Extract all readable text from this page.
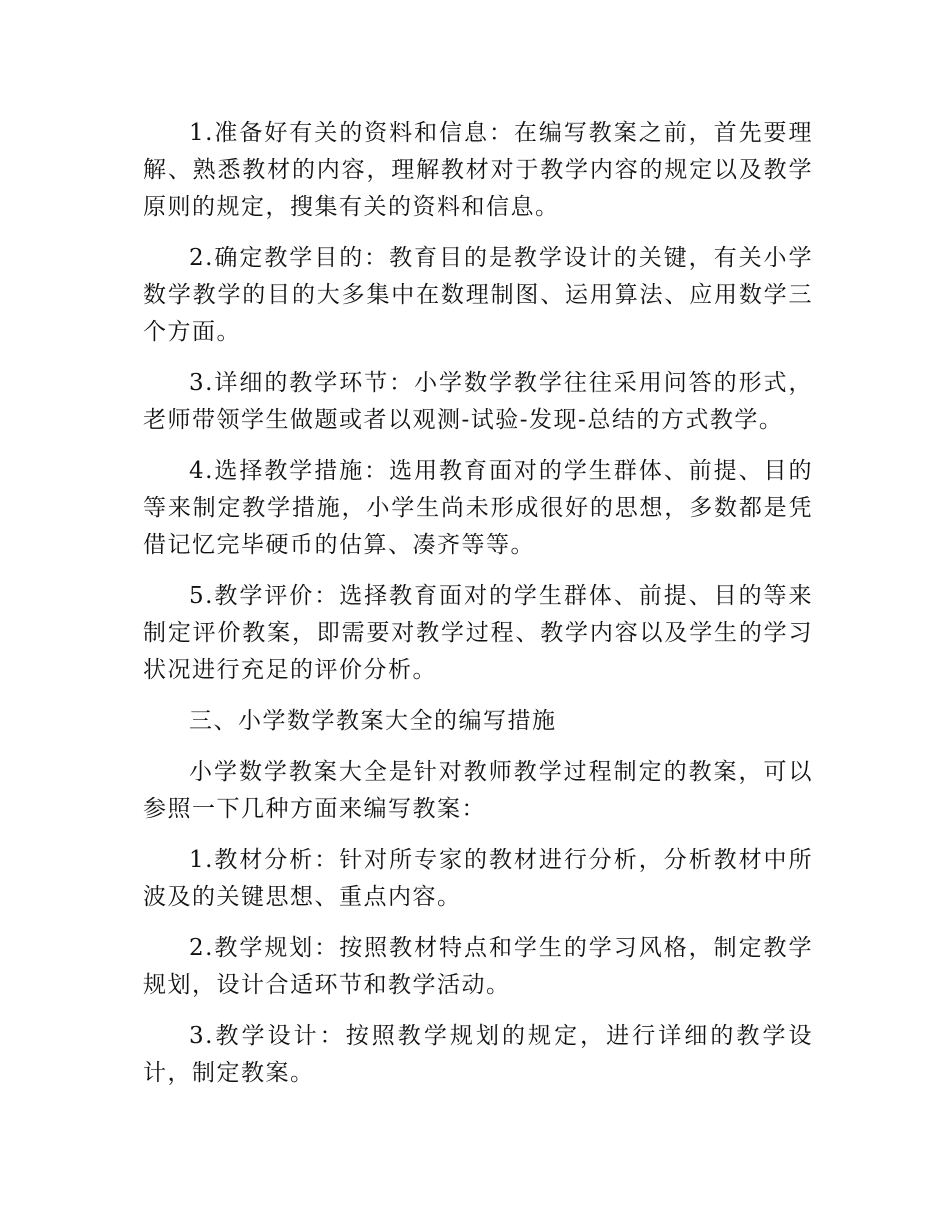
1.准备好有关的资料和信息：在编写教案之前，首先要理解、熟悉教材的内容，理解教材对于教学内容的规定以及教学原则的规定，搜集有关的资料和信息。

2.确定教学目的：教育目的是教学设计的关键，有关小学数学教学的目的大多集中在数理制图、运用算法、应用数学三个方面。

3.详细的教学环节：小学数学教学往往采用问答的形式，老师带领学生做题或者以观测-试验-发现-总结的方式教学。

4.选择教学措施：选用教育面对的学生群体、前提、目的等来制定教学措施，小学生尚未形成很好的思想，多数都是凭借记忆完毕硬币的估算、凑齐等等。

5.教学评价：选择教育面对的学生群体、前提、目的等来制定评价教案，即需要对教学过程、教学内容以及学生的学习状况进行充足的评价分析。

三、小学数学教案大全的编写措施

小学数学教案大全是针对教师教学过程制定的教案，可以参照一下几种方面来编写教案：

1.教材分析：针对所专家的教材进行分析，分析教材中所波及的关键思想、重点内容。

2.教学规划：按照教材特点和学生的学习风格，制定教学规划，设计合适环节和教学活动。

3.教学设计：按照教学规划的规定，进行详细的教学设计，制定教案。
